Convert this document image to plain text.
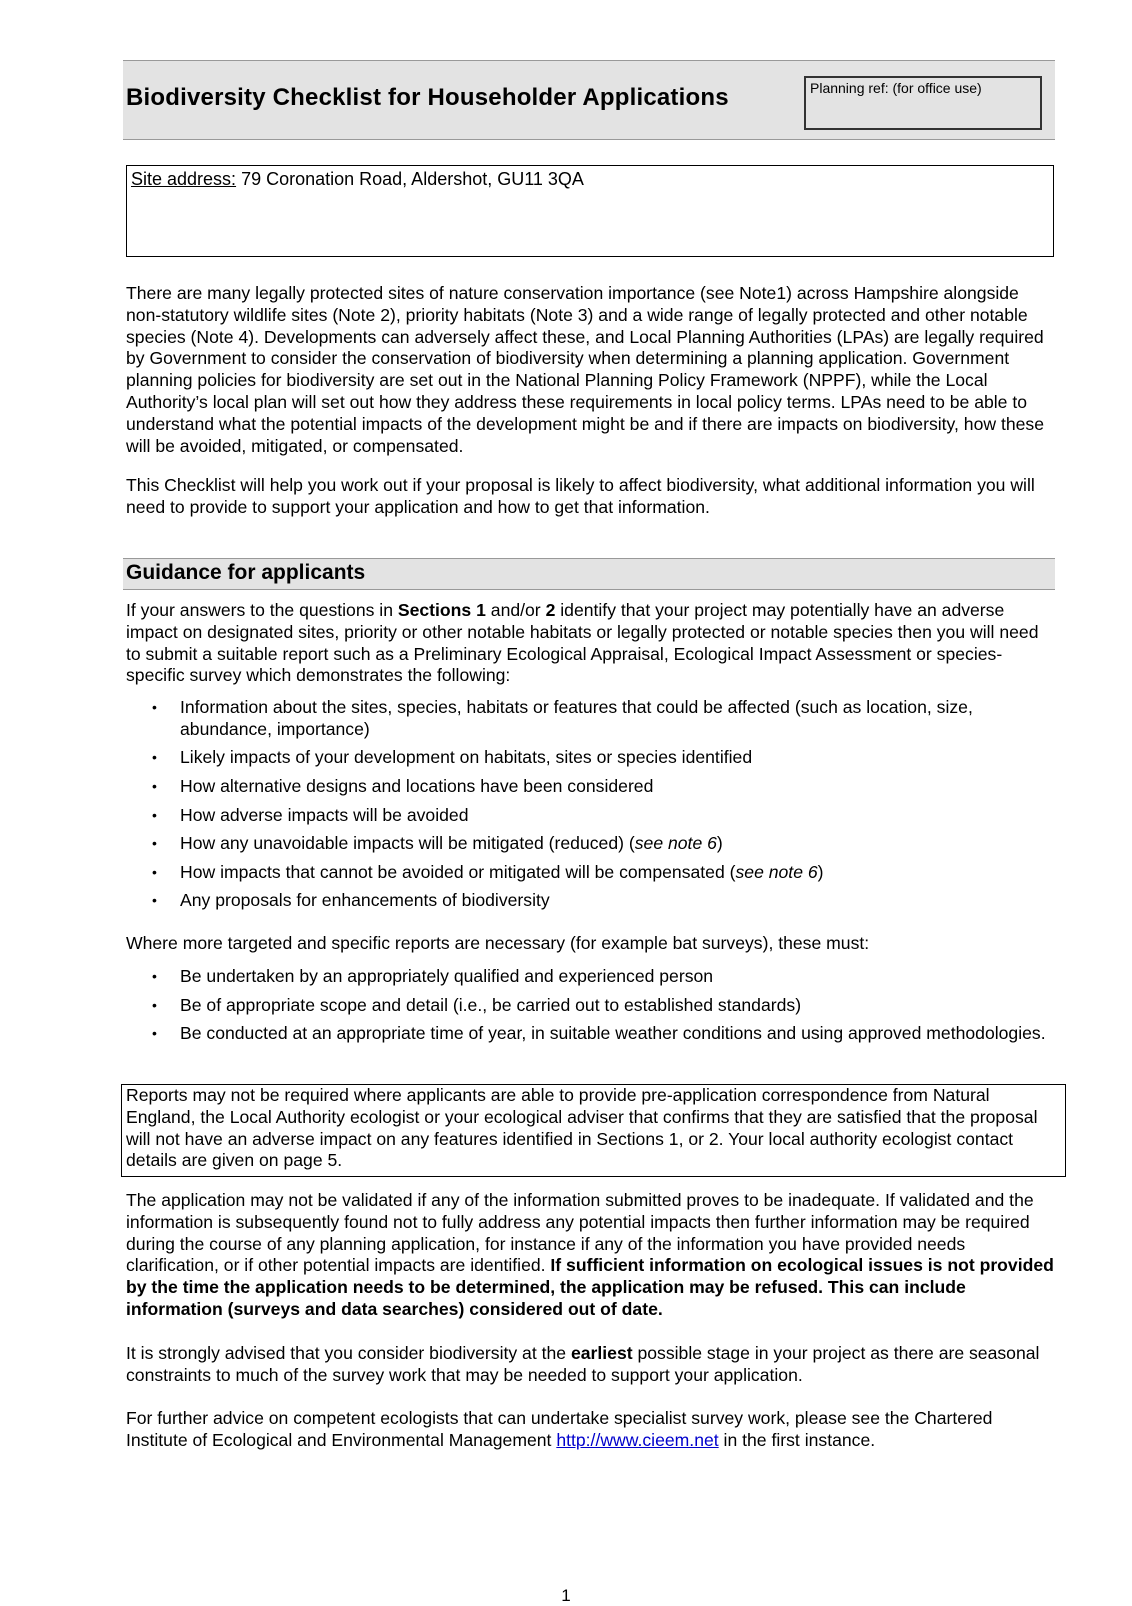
Biodiversity Checklist for Householder Applications	Planning ref: (for office use)
Site address: 79 Coronation Road, Aldershot, GU11 3QA

There are many legally protected sites of nature conservation importance (see Note1) across Hampshire alongside non-statutory wildlife sites (Note 2), priority habitats (Note 3) and a wide range of legally protected and other notable species (Note 4). Developments can adversely affect these, and Local Planning Authorities (LPAs) are legally required by Government to consider the conservation of biodiversity when determining a planning application. Government planning policies for biodiversity are set out in the National Planning Policy Framework (NPPF), while the Local Authority’s local plan will set out how they address these requirements in local policy terms. LPAs need to be able to understand what the potential impacts of the development might be and if there are impacts on biodiversity, how these will be avoided, mitigated, or compensated.

This Checklist will help you work out if your proposal is likely to affect biodiversity, what additional information you will need to provide to support your application and how to get that information.

Guidance for applicants

If your answers to the questions in Sections 1 and/or 2 identify that your project may potentially have an adverse impact on designated sites, priority or other notable habitats or legally protected or notable species then you will need to submit a suitable report such as a Preliminary Ecological Appraisal, Ecological Impact Assessment or species-specific survey which demonstrates the following:

• Information about the sites, species, habitats or features that could be affected (such as location, size, abundance, importance)
• Likely impacts of your development on habitats, sites or species identified
• How alternative designs and locations have been considered
• How adverse impacts will be avoided
• How any unavoidable impacts will be mitigated (reduced) (see note 6)
• How impacts that cannot be avoided or mitigated will be compensated (see note 6)
• Any proposals for enhancements of biodiversity

Where more targeted and specific reports are necessary (for example bat surveys), these must:

• Be undertaken by an appropriately qualified and experienced person
• Be of appropriate scope and detail (i.e., be carried out to established standards)
• Be conducted at an appropriate time of year, in suitable weather conditions and using approved methodologies.

Reports may not be required where applicants are able to provide pre-application correspondence from Natural England, the Local Authority ecologist or your ecological adviser that confirms that they are satisfied that the proposal will not have an adverse impact on any features identified in Sections 1, or 2. Your local authority ecologist contact details are given on page 5.

The application may not be validated if any of the information submitted proves to be inadequate. If validated and the information is subsequently found not to fully address any potential impacts then further information may be required during the course of any planning application, for instance if any of the information you have provided needs clarification, or if other potential impacts are identified. If sufficient information on ecological issues is not provided by the time the application needs to be determined, the application may be refused. This can include information (surveys and data searches) considered out of date.

It is strongly advised that you consider biodiversity at the earliest possible stage in your project as there are seasonal constraints to much of the survey work that may be needed to support your application.

For further advice on competent ecologists that can undertake specialist survey work, please see the Chartered Institute of Ecological and Environmental Management http://www.cieem.net in the first instance.

1
